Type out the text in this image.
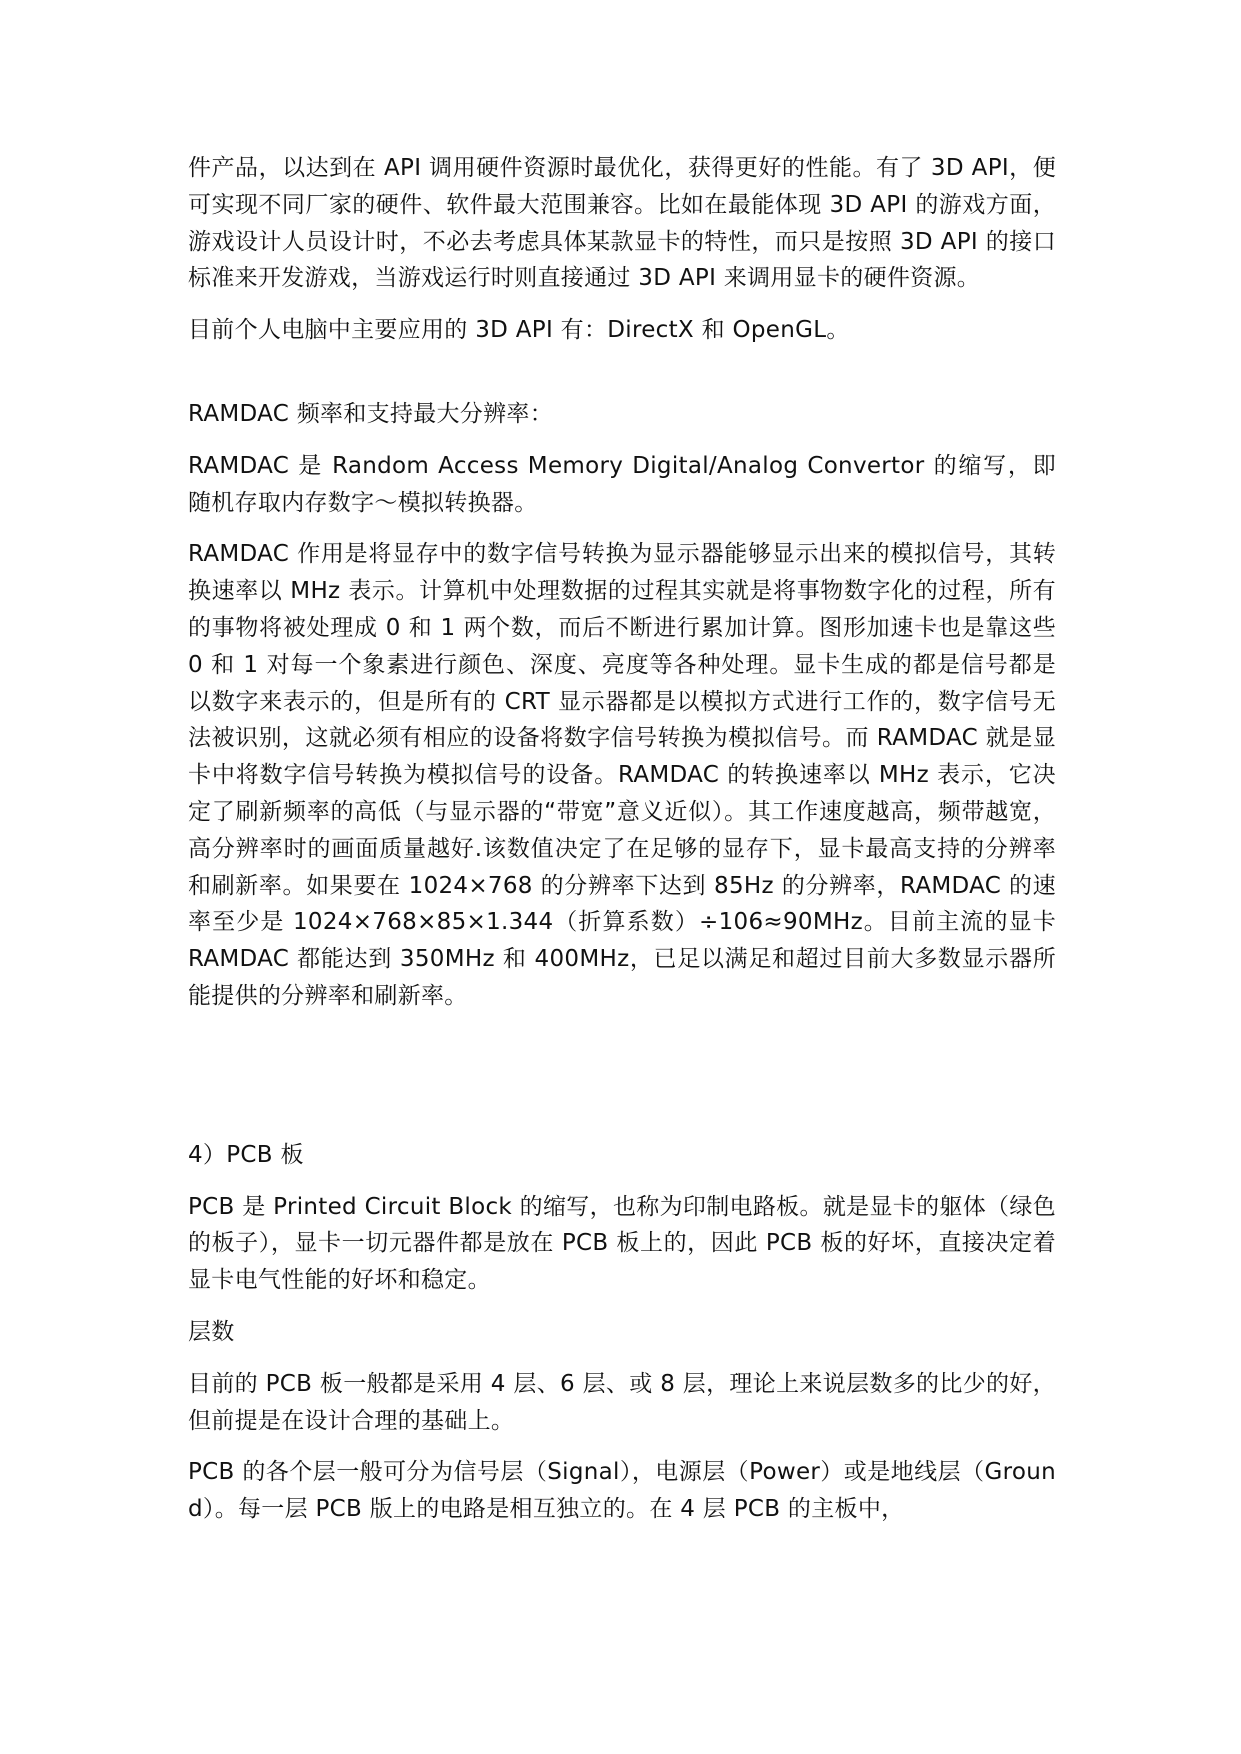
件产品，以达到在 API 调用硬件资源时最优化，获得更好的性能。有了 3D API，便可实现不同厂家的硬件、软件最大范围兼容。比如在最能体现 3D API 的游戏方面，游戏设计人员设计时，不必去考虑具体某款显卡的特性，而只是按照 3D API 的接口标准来开发游戏，当游戏运行时则直接通过 3D API 来调用显卡的硬件资源。

目前个人电脑中主要应用的 3D API 有：DirectX 和 OpenGL。

RAMDAC 频率和支持最大分辨率：

RAMDAC 是 Random Access Memory Digital/Analog Convertor 的缩写，即随机存取内存数字～模拟转换器。

RAMDAC 作用是将显存中的数字信号转换为显示器能够显示出来的模拟信号，其转换速率以 MHz 表示。计算机中处理数据的过程其实就是将事物数字化的过程，所有的事物将被处理成 0 和 1 两个数，而后不断进行累加计算。图形加速卡也是靠这些 0 和 1 对每一个象素进行颜色、深度、亮度等各种处理。显卡生成的都是信号都是以数字来表示的，但是所有的 CRT 显示器都是以模拟方式进行工作的，数字信号无法被识别，这就必须有相应的设备将数字信号转换为模拟信号。而 RAMDAC 就是显卡中将数字信号转换为模拟信号的设备。RAMDAC 的转换速率以 MHz 表示，它决定了刷新频率的高低（与显示器的“带宽”意义近似）。其工作速度越高，频带越宽，高分辨率时的画面质量越好.该数值决定了在足够的显存下，显卡最高支持的分辨率和刷新率。如果要在 1024×768 的分辨率下达到 85Hz 的分辨率，RAMDAC 的速率至少是 1024×768×85×1.344（折算系数）÷106≈90MHz。目前主流的显卡 RAMDAC 都能达到 350MHz 和 400MHz，已足以满足和超过目前大多数显示器所能提供的分辨率和刷新率。

4）PCB 板

PCB 是 Printed Circuit Block 的缩写，也称为印制电路板。就是显卡的躯体（绿色的板子），显卡一切元器件都是放在 PCB 板上的，因此 PCB 板的好坏，直接决定着显卡电气性能的好坏和稳定。

层数

目前的 PCB 板一般都是采用 4 层、6 层、或 8 层，理论上来说层数多的比少的好，但前提是在设计合理的基础上。

PCB 的各个层一般可分为信号层（Signal），电源层（Power）或是地线层（Ground）。每一层 PCB 版上的电路是相互独立的。在 4 层 PCB 的主板中，
